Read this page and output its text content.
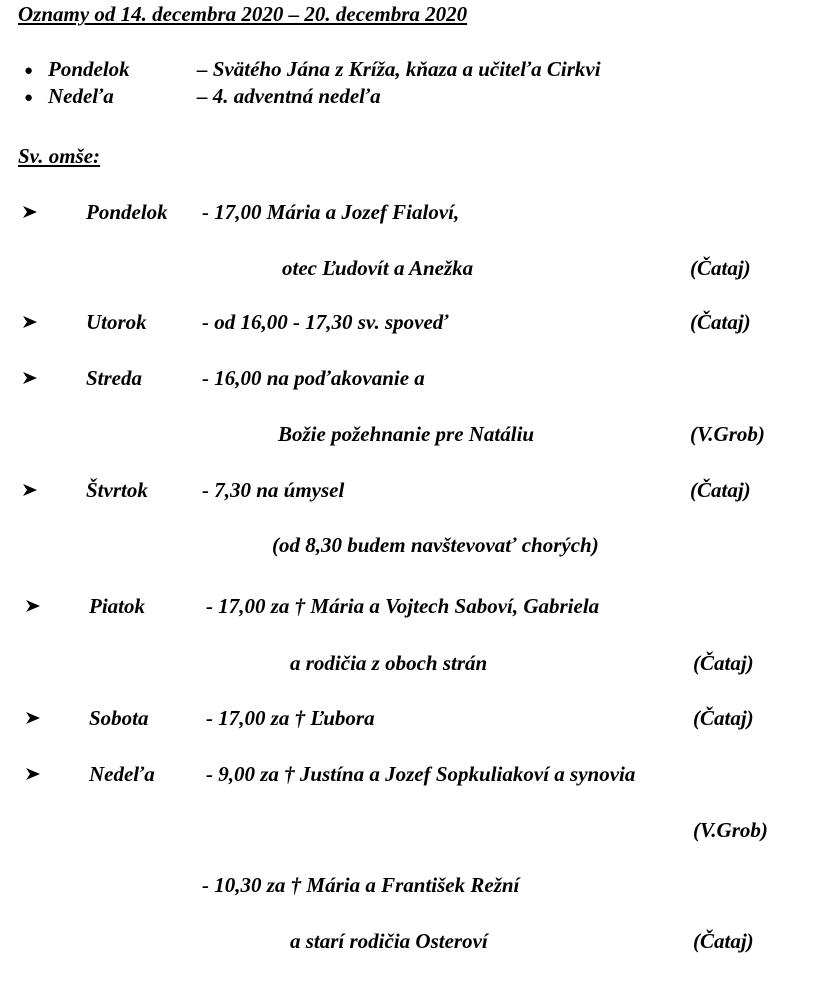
Oznamy od 14. decembra 2020 – 20. decembra 2020
● Pondelok	– Svätého Jána z Kríža, kňaza a učiteľa Cirkvi
● Nedeľa	– 4. adventná nedeľa
Sv. omše:
Pondelok - 17,00 Mária a Jozef Fialoví,
otec Ľudovít a Anežka	(Čataj)
Utorok	- od 16,00 - 17,30 sv. spoveď	(Čataj)
Streda	- 16,00 na poďakovanie a
Božie požehnanie pre Natáliu	(V.Grob)
Štvrtok	- 7,30 na úmysel	(Čataj)
(od 8,30 budem navštevovať chorých)
Piatok	- 17,00 za † Mária a Vojtech Saboví, Gabriela
a rodičia z oboch strán	(Čataj)
Sobota	- 17,00 za † Ľubora	(Čataj)
Nedeľa - 9,00 za † Justína a Jozef Sopkuliakoví a synovia
(V.Grob)
- 10,30 za † Mária a František Režní
a starí rodičia Osteroví	(Čataj)
